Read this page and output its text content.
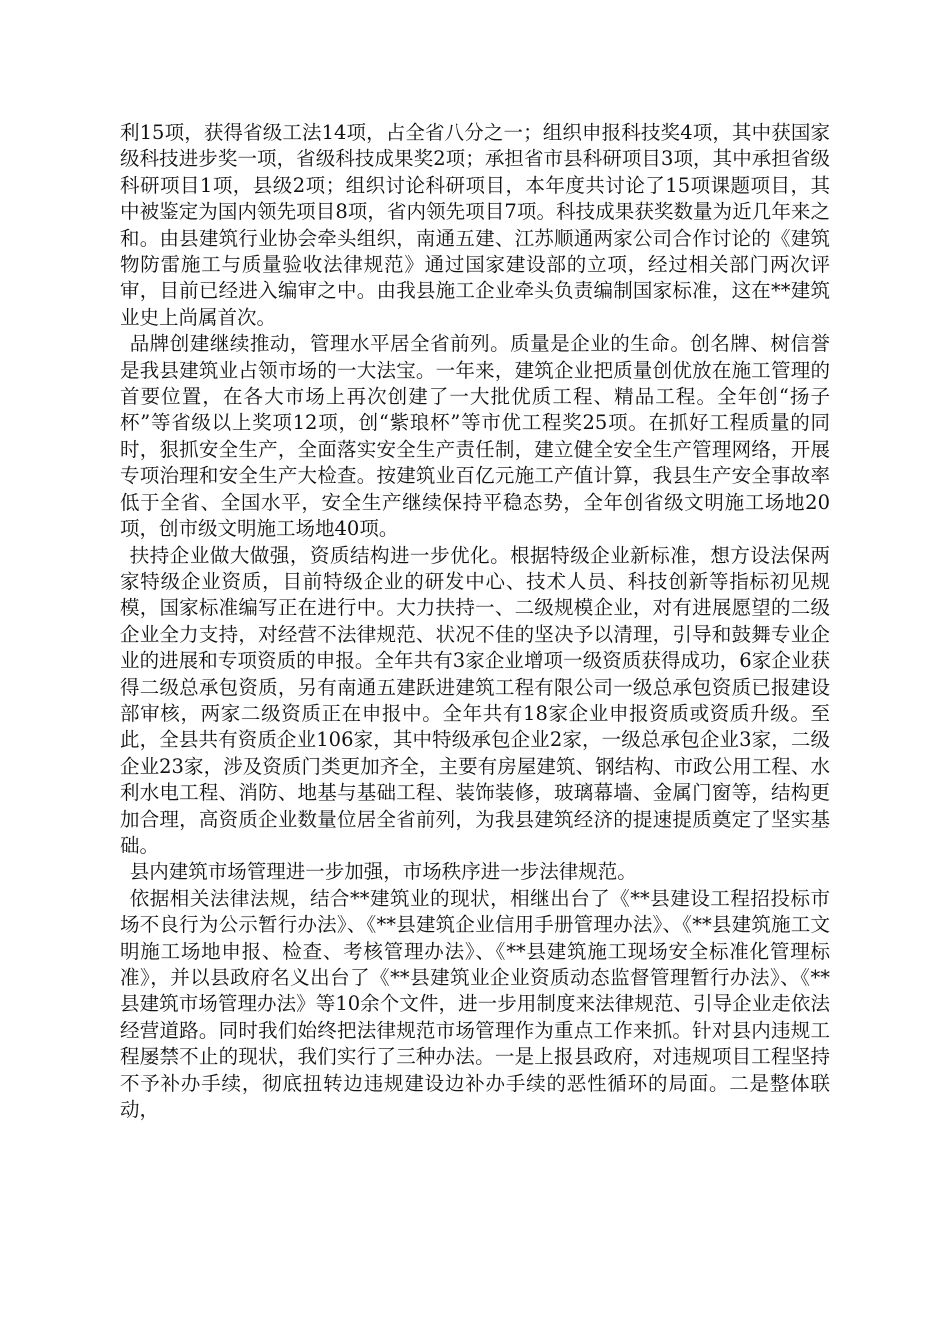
利15项，获得省级工法14项，占全省八分之一；组织申报科技奖4项，其中获国家级科技进步奖一项，省级科技成果奖2项；承担省市县科研项目3项，其中承担省级科研项目1项，县级2项；组织讨论科研项目，本年度共讨论了15项课题项目，其中被鉴定为国内领先项目8项，省内领先项目7项。科技成果获奖数量为近几年来之和。由县建筑行业协会牵头组织，南通五建、江苏顺通两家公司合作讨论的《建筑物防雷施工与质量验收法律规范》通过国家建设部的立项，经过相关部门两次评审，目前已经进入编审之中。由我县施工企业牵头负责编制国家标准，这在**建筑业史上尚属首次。

品牌创建继续推动，管理水平居全省前列。质量是企业的生命。创名牌、树信誉是我县建筑业占领市场的一大法宝。一年来，建筑企业把质量创优放在施工管理的首要位置，在各大市场上再次创建了一大批优质工程、精品工程。全年创“扬子杯”等省级以上奖项12项，创“紫琅杯”等市优工程奖25项。在抓好工程质量的同时，狠抓安全生产，全面落实安全生产责任制，建立健全安全生产管理网络，开展专项治理和安全生产大检查。按建筑业百亿元施工产值计算，我县生产安全事故率低于全省、全国水平，安全生产继续保持平稳态势，全年创省级文明施工场地20项，创市级文明施工场地40项。

扶持企业做大做强，资质结构进一步优化。根据特级企业新标准，想方设法保两家特级企业资质，目前特级企业的研发中心、技术人员、科技创新等指标初见规模，国家标准编写正在进行中。大力扶持一、二级规模企业，对有进展愿望的二级企业全力支持，对经营不法律规范、状况不佳的坚决予以清理，引导和鼓舞专业企业的进展和专项资质的申报。全年共有3家企业增项一级资质获得成功，6家企业获得二级总承包资质，另有南通五建跃进建筑工程有限公司一级总承包资质已报建设部审核，两家二级资质正在申报中。全年共有18家企业申报资质或资质升级。至此，全县共有资质企业106家，其中特级承包企业2家，一级总承包企业3家，二级企业23家，涉及资质门类更加齐全，主要有房屋建筑、钢结构、市政公用工程、水利水电工程、消防、地基与基础工程、装饰装修，玻璃幕墙、金属门窗等，结构更加合理，高资质企业数量位居全省前列，为我县建筑经济的提速提质奠定了坚实基础。

县内建筑市场管理进一步加强，市场秩序进一步法律规范。

依据相关法律法规，结合**建筑业的现状，相继出台了《**县建设工程招投标市场不良行为公示暂行办法》、《**县建筑企业信用手册管理办法》、《**县建筑施工文明施工场地申报、检查、考核管理办法》、《**县建筑施工现场安全标准化管理标准》，并以县政府名义出台了《**县建筑业企业资质动态监督管理暂行办法》、《**县建筑市场管理办法》等10余个文件，进一步用制度来法律规范、引导企业走依法经营道路。同时我们始终把法律规范市场管理作为重点工作来抓。针对县内违规工程屡禁不止的现状，我们实行了三种办法。一是上报县政府，对违规项目工程坚持不予补办手续，彻底扭转边违规建设边补办手续的恶性循环的局面。二是整体联动，
